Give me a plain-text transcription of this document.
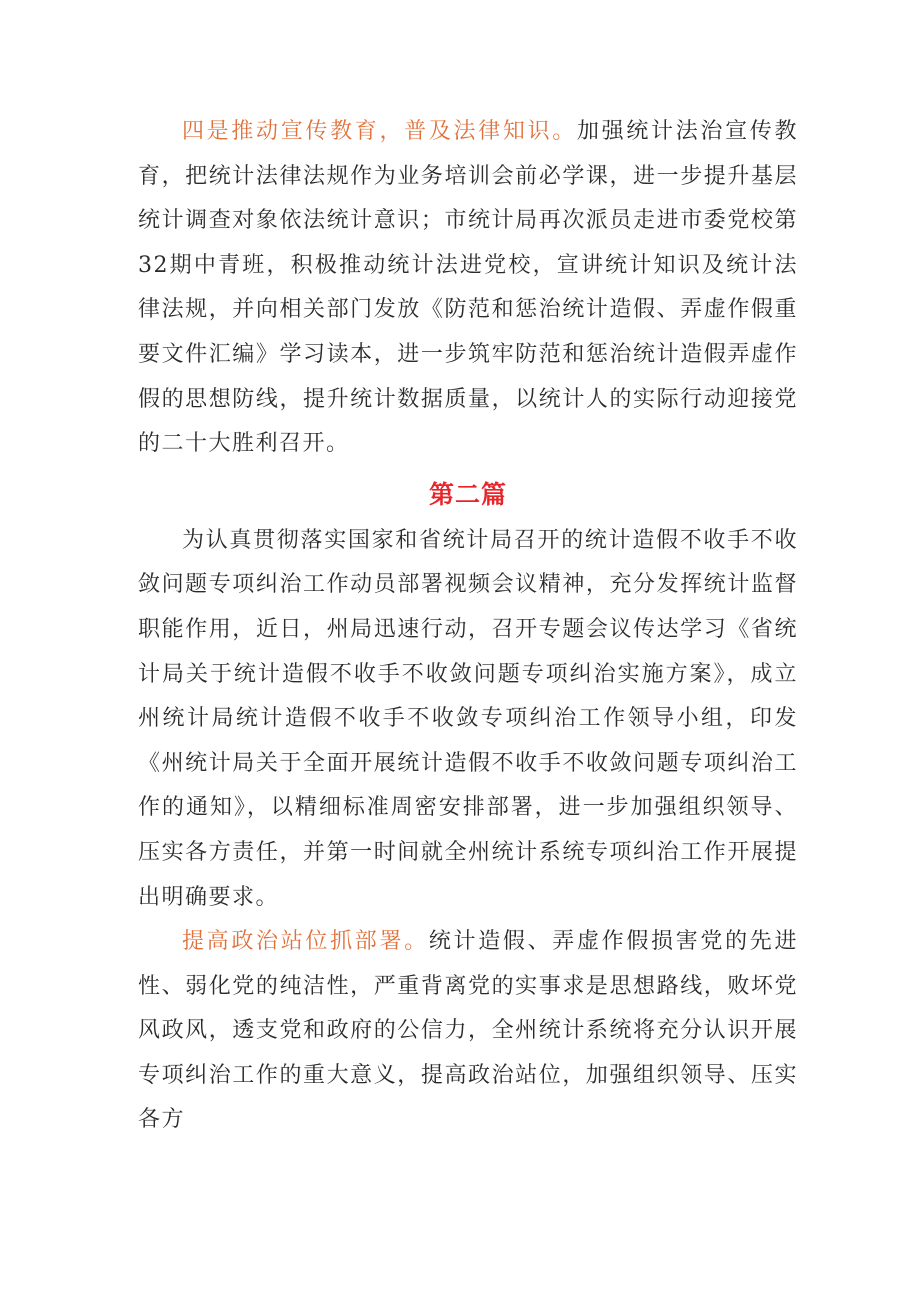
四是推动宣传教育，普及法律知识。加强统计法治宣传教育，把统计法律法规作为业务培训会前必学课，进一步提升基层统计调查对象依法统计意识；市统计局再次派员走进市委党校第32期中青班，积极推动统计法进党校，宣讲统计知识及统计法律法规，并向相关部门发放《防范和惩治统计造假、弄虚作假重要文件汇编》学习读本，进一步筑牢防范和惩治统计造假弄虚作假的思想防线，提升统计数据质量，以统计人的实际行动迎接党的二十大胜利召开。

第二篇

为认真贯彻落实国家和省统计局召开的统计造假不收手不收敛问题专项纠治工作动员部署视频会议精神，充分发挥统计监督职能作用，近日，州局迅速行动，召开专题会议传达学习《省统计局关于统计造假不收手不收敛问题专项纠治实施方案》，成立州统计局统计造假不收手不收敛专项纠治工作领导小组，印发《州统计局关于全面开展统计造假不收手不收敛问题专项纠治工作的通知》，以精细标准周密安排部署，进一步加强组织领导、压实各方责任，并第一时间就全州统计系统专项纠治工作开展提出明确要求。

提高政治站位抓部署。统计造假、弄虚作假损害党的先进性、弱化党的纯洁性，严重背离党的实事求是思想路线，败坏党风政风，透支党和政府的公信力，全州统计系统将充分认识开展专项纠治工作的重大意义，提高政治站位，加强组织领导、压实各方
